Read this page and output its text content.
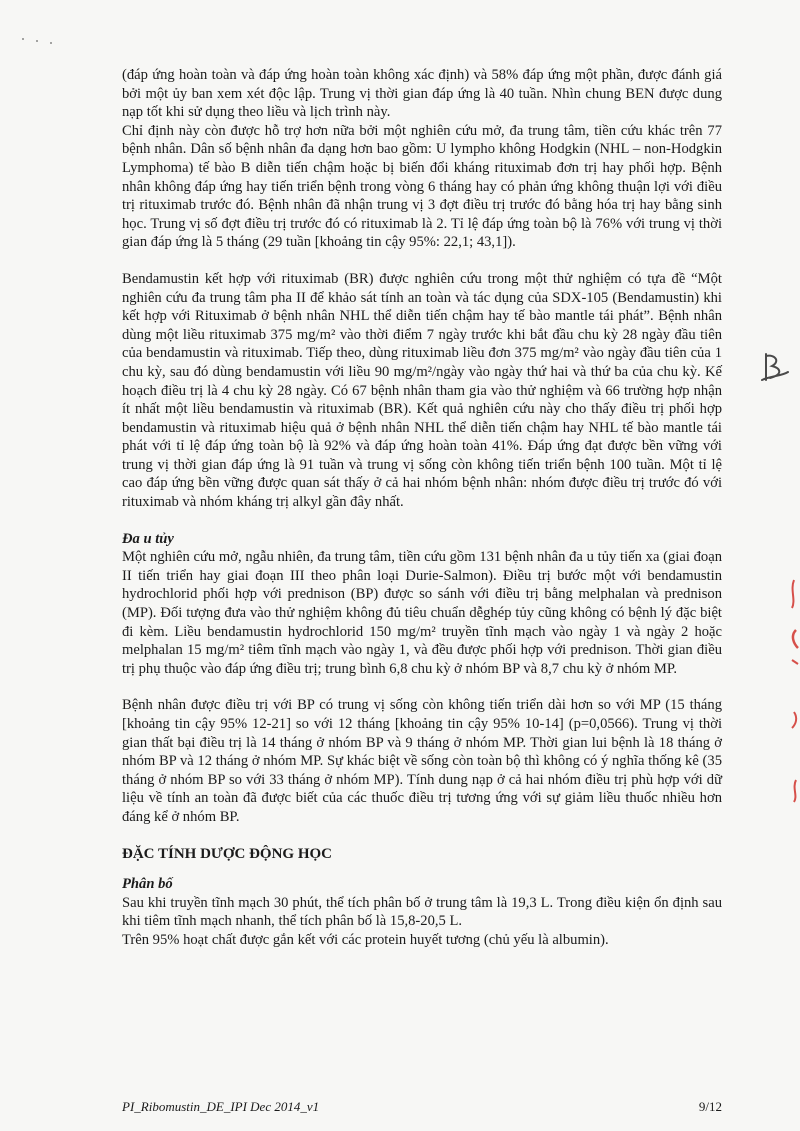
(đáp ứng hoàn toàn và đáp ứng hoàn toàn không xác định) và 58% đáp ứng một phần, được đánh giá bởi một ủy ban xem xét độc lập. Trung vị thời gian đáp ứng là 40 tuần. Nhìn chung BEN được dung nạp tốt khi sử dụng theo liều và lịch trình này.

Chỉ định này còn được hỗ trợ hơn nữa bởi một nghiên cứu mở, đa trung tâm, tiền cứu khác trên 77 bệnh nhân. Dân số bệnh nhân đa dạng hơn bao gồm: U lympho không Hodgkin (NHL – non-Hodgkin Lymphoma) tế bào B diễn tiến chậm hoặc bị biến đổi kháng rituximab đơn trị hay phối hợp. Bệnh nhân không đáp ứng hay tiến triển bệnh trong vòng 6 tháng hay có phản ứng không thuận lợi với điều trị rituximab trước đó. Bệnh nhân đã nhận trung vị 3 đợt điều trị trước đó bằng hóa trị hay bằng sinh học. Trung vị số đợt điều trị trước đó có rituximab là 2. Tỉ lệ đáp ứng toàn bộ là 76% với trung vị thời gian đáp ứng là 5 tháng (29 tuần [khoảng tin cậy 95%: 22,1; 43,1]).

Bendamustin kết hợp với rituximab (BR) được nghiên cứu trong một thử nghiệm có tựa đề “Một nghiên cứu đa trung tâm pha II để khảo sát tính an toàn và tác dụng của SDX-105 (Bendamustin) khi kết hợp với Rituximab ở bệnh nhân NHL thể diễn tiến chậm hay tế bào mantle tái phát”. Bệnh nhân dùng một liều rituximab 375 mg/m² vào thời điểm 7 ngày trước khi bắt đầu chu kỳ 28 ngày đầu tiên của bendamustin và rituximab. Tiếp theo, dùng rituximab liều đơn 375 mg/m² vào ngày đầu tiên của 1 chu kỳ, sau đó dùng bendamustin với liều 90 mg/m²/ngày vào ngày thứ hai và thứ ba của chu kỳ. Kế hoạch điều trị là 4 chu kỳ 28 ngày. Có 67 bệnh nhân tham gia vào thử nghiệm và 66 trường hợp nhận ít nhất một liều bendamustin và rituximab (BR). Kết quả nghiên cứu này cho thấy điều trị phối hợp bendamustin và rituximab hiệu quả ở bệnh nhân NHL thể diễn tiến chậm hay NHL tế bào mantle tái phát với tỉ lệ đáp ứng toàn bộ là 92% và đáp ứng hoàn toàn 41%. Đáp ứng đạt được bền vững với trung vị thời gian đáp ứng là 91 tuần và trung vị sống còn không tiến triển bệnh 100 tuần. Một tỉ lệ cao đáp ứng bền vững được quan sát thấy ở cả hai nhóm bệnh nhân: nhóm được điều trị trước đó với rituximab và nhóm kháng trị alkyl gần đây nhất.

Đa u tủy

Một nghiên cứu mở, ngẫu nhiên, đa trung tâm, tiền cứu gồm 131 bệnh nhân đa u tủy tiến xa (giai đoạn II tiến triển hay giai đoạn III theo phân loại Durie-Salmon). Điều trị bước một với bendamustin hydrochlorid phối hợp với prednison (BP) được so sánh với điều trị bằng melphalan và prednison (MP). Đối tượng đưa vào thử nghiệm không đủ tiêu chuẩn dễghép tủy cũng không có bệnh lý đặc biệt đi kèm. Liều bendamustin hydrochlorid 150 mg/m² truyền tĩnh mạch vào ngày 1 và ngày 2 hoặc melphalan 15 mg/m² tiêm tĩnh mạch vào ngày 1, và đều được phối hợp với prednison. Thời gian điều trị phụ thuộc vào đáp ứng điều trị; trung bình 6,8 chu kỳ ở nhóm BP và 8,7 chu kỳ ở nhóm MP.

Bệnh nhân được điều trị với BP có trung vị sống còn không tiến triển dài hơn so với MP (15 tháng [khoảng tin cậy 95% 12-21] so với 12 tháng [khoảng tin cậy 95% 10-14] (p=0,0566). Trung vị thời gian thất bại điều trị là 14 tháng ở nhóm BP và 9 tháng ở nhóm MP. Thời gian lui bệnh là 18 tháng ở nhóm BP và 12 tháng ở nhóm MP. Sự khác biệt về sống còn toàn bộ thì không có ý nghĩa thống kê (35 tháng ở nhóm BP so với 33 tháng ở nhóm MP). Tính dung nạp ở cả hai nhóm điều trị phù hợp với dữ liệu về tính an toàn đã được biết của các thuốc điều trị tương ứng với sự giảm liều thuốc nhiều hơn đáng kể ở nhóm BP.

ĐẶC TÍNH DƯỢC ĐỘNG HỌC

Phân bố

Sau khi truyền tĩnh mạch 30 phút, thể tích phân bố ở trung tâm là 19,3 L. Trong điều kiện ổn định sau khi tiêm tĩnh mạch nhanh, thể tích phân bố là 15,8-20,5 L.

Trên 95% hoạt chất được gắn kết với các protein huyết tương (chủ yếu là albumin).

PI_Ribomustin_DE_IPI Dec 2014_v1	9/12
